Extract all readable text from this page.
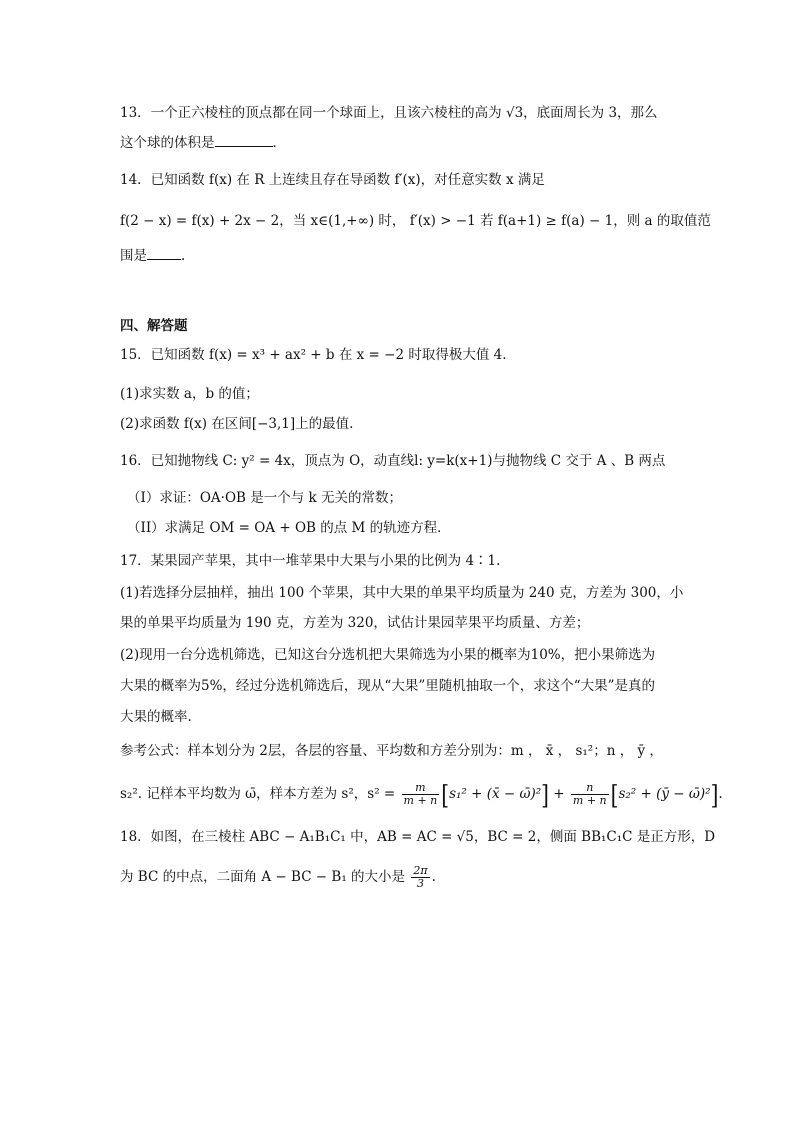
13．一个正六棱柱的顶点都在同一个球面上，且该六棱柱的高为 √3，底面周长为 3，那么
这个球的体积是	．
14．已知函数 f(x) 在 R 上连续且存在导函数 f′(x)，对任意实数 x 满足
f(2 − x) = f(x) + 2x − 2，当 x∈(1,+∞) 时， f′(x) > −1 若 f(a+1) ≥ f(a) − 1，则 a 的取值范
围是	.
四、解答题
15．已知函数 f(x) = x³ + ax² + b 在 x = −2 时取得极大值 4.
(1)求实数 a，b 的值；
(2)求函数 f(x) 在区间[−3,1]上的最值.
16．已知抛物线 C: y² = 4x，顶点为 O，动直线l: y=k(x+1)与抛物线 C 交于 A 、B 两点
（I）求证：OA·OB 是一个与 k 无关的常数；
（II）求满足 OM = OA + OB 的点 M 的轨迹方程．
17．某果园产苹果，其中一堆苹果中大果与小果的比例为 4∶1.
(1)若选择分层抽样，抽出 100 个苹果，其中大果的单果平均质量为 240 克，方差为 300，小
果的单果平均质量为 190 克，方差为 320，试估计果园苹果平均质量、方差；
(2)现用一台分选机筛选，已知这台分选机把大果筛选为小果的概率为10%，把小果筛选为
大果的概率为5%，经过分选机筛选后，现从“大果”里随机抽取一个，求这个“大果”是真的
大果的概率.
参考公式：样本划分为 2层，各层的容量、平均数和方差分别为：m ， x̄ ， s₁²；n ， ȳ ，
s₂². 记样本平均数为 ω̄，样本方差为 s²，$s^2 = \frac{m}{m + n} [s_1^2$ + (x̄ − ω̄)²] + $\frac{n}{m + n} [s_2^2$ + (ȳ − ω̄)²].
18．如图，在三棱柱 ABC − A₁B₁C₁ 中，AB = AC = √5，BC = 2，侧面 BB₁C₁C 是正方形，D
为 BC 的中点，二面角 A − BC − B₁ 的大小是 $\frac{2\pi}{3}$ .
